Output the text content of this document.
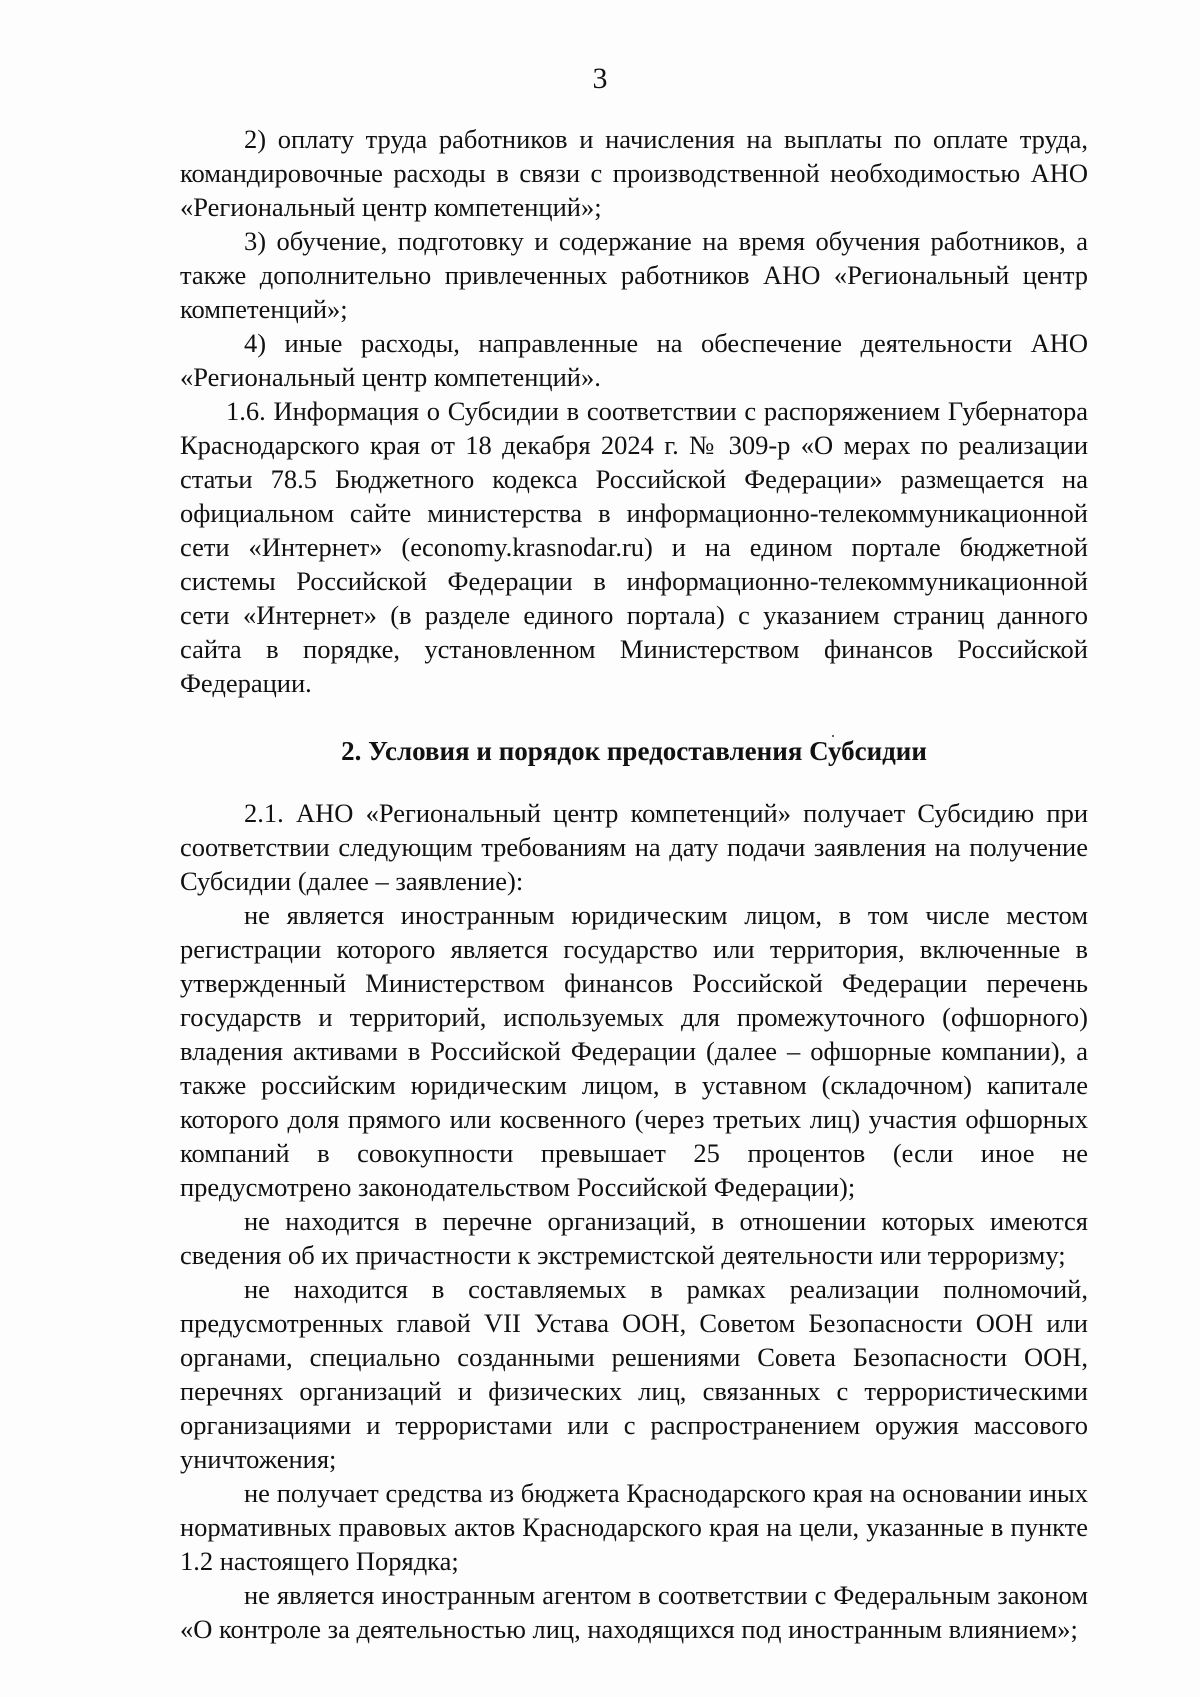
3

2) оплату труда работников и начисления на выплаты по оплате труда, командировочные расходы в связи с производственной необходимостью АНО «Региональный центр компетенций»;

3) обучение, подготовку и содержание на время обучения работников, а также дополнительно привлеченных работников АНО «Региональный центр компетенций»;

4) иные расходы, направленные на обеспечение деятельности АНО «Региональный центр компетенций».

1.6. Информация о Субсидии в соответствии с распоряжением Губернатора Краснодарского края от 18 декабря 2024 г. № 309-р «О мерах по реализации статьи 78.5 Бюджетного кодекса Российской Федерации» размещается на официальном сайте министерства в информационно-телекоммуникационной сети «Интернет» (economy.krasnodar.ru) и на едином портале бюджетной системы Российской Федерации в информационно-телекоммуникационной сети «Интернет» (в разделе единого портала) с указанием страниц данного сайта в порядке, установленном Министерством финансов Российской Федерации.

2. Условия и порядок предоставления Субсидии

2.1. АНО «Региональный центр компетенций» получает Субсидию при соответствии следующим требованиям на дату подачи заявления на получение Субсидии (далее – заявление):

не является иностранным юридическим лицом, в том числе местом регистрации которого является государство или территория, включенные в утвержденный Министерством финансов Российской Федерации перечень государств и территорий, используемых для промежуточного (офшорного) владения активами в Российской Федерации (далее – офшорные компании), а также российским юридическим лицом, в уставном (складочном) капитале которого доля прямого или косвенного (через третьих лиц) участия офшорных компаний в совокупности превышает 25 процентов (если иное не предусмотрено законодательством Российской Федерации);

не находится в перечне организаций, в отношении которых имеются сведения об их причастности к экстремистской деятельности или терроризму;

не находится в составляемых в рамках реализации полномочий, предусмотренных главой VII Устава ООН, Советом Безопасности ООН или органами, специально созданными решениями Совета Безопасности ООН, перечнях организаций и физических лиц, связанных с террористическими организациями и террористами или с распространением оружия массового уничтожения;

не получает средства из бюджета Краснодарского края на основании иных нормативных правовых актов Краснодарского края на цели, указанные в пункте 1.2 настоящего Порядка;

не является иностранным агентом в соответствии с Федеральным законом «О контроле за деятельностью лиц, находящихся под иностранным влиянием»;
